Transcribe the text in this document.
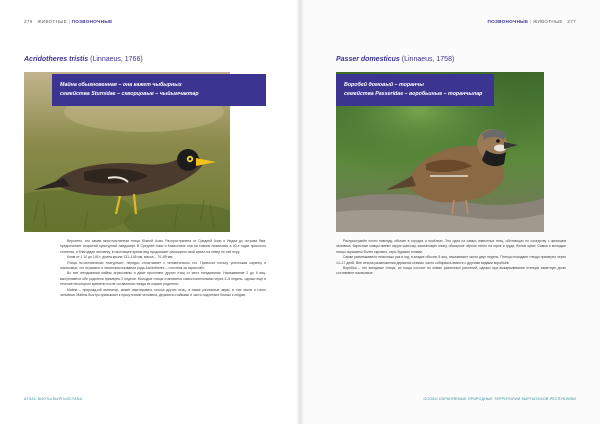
276 ЖИВОТНЫЕ | ПОЗВОНОЧНЫЕ
Acridotheres tristis (Linnaeus, 1766)
Майна обыкновенная – она кажет чыбырных
семейства Sturnidae – скворцовые – чыйымчактар

Вероятно, это самая многочисленная птица Южной Азии. Распространена от Средней Азии и Индии до острова Ява; предпочитает открытый культурный ландшафт. В Средней Азии и Казахстане она на совсем появилась в 40-е годах прошлого столетия, и благодаря человеку, в настоящее время вид продолжает расширять свой ареал на север по сей пору.

Клюв от 1 10 до 145 г, длина крыла 131–145 мм, масса – 70–89 мм.

Птица по-человечески «натурная», нередко отсчитывает с человеческого сто. Приносит пользу, уничтожая саранчу и насекомых, что отражено в латинском названии рода Acridotheres – «охотник за саранчой».

Во все гнездования майны агрессивны и даже прогоняют других птиц от мест гнездования. Насиживание 2 до 6 яиц, вылупляются обе родители примерно 2 недели. Молодые птицы становятся самостоятельными через 4–5 недель, однако ещё в течение некоторого времени после оставления гнезда их кормят родители.

Майна – прирожд-ый имитатор, может имитировать голоса других птиц, а также различные звуки, в том числе и голос человека. Майны быстро привыкают к присутствию человека, держатся стайками и часто подлетают близко к людям.

АТЛАС БИОТЫ КЫРГЫЗСТАНА
ПОЗВОНОЧНЫЕ | ЖИВОТНЫЕ 277
Passer domesticus (Linnaeus, 1758)
Воробей домовый – торанчы
семейства Passeridae – воробьиные – торанчылар

Распространён почти повсюду, обычен в городах и посёлках. Это одна из самых известных птиц, обитающих по соседству с жилищем человека. Взрослые самцы имеют серую шапочку, каштановую спину, обширное чёрное пятно на горле и груди, белые щёки. Самка и молодые птицы окрашены более скромно, серо-бурыми тонами.

Самки размножаются несколько раз в год, в кладке обычно 5 яиц, насиживают около двух недель. Птенцы покидают гнездо примерно через 14–17 дней. Вне сезона размножения держатся стаями, часто собираясь вместе с другими видами воробьёв.

Воробьи – это всеядные птицы, их пища состоит из семян различных растений, однако при выкармливании птенцов заметную долю составляют насекомые.

ОСОБО ОХРАНЯЕМЫЕ ПРИРОДНЫЕ ТЕРРИТОРИИ КЫРГЫЗСКОЙ РЕСПУБЛИКИ
